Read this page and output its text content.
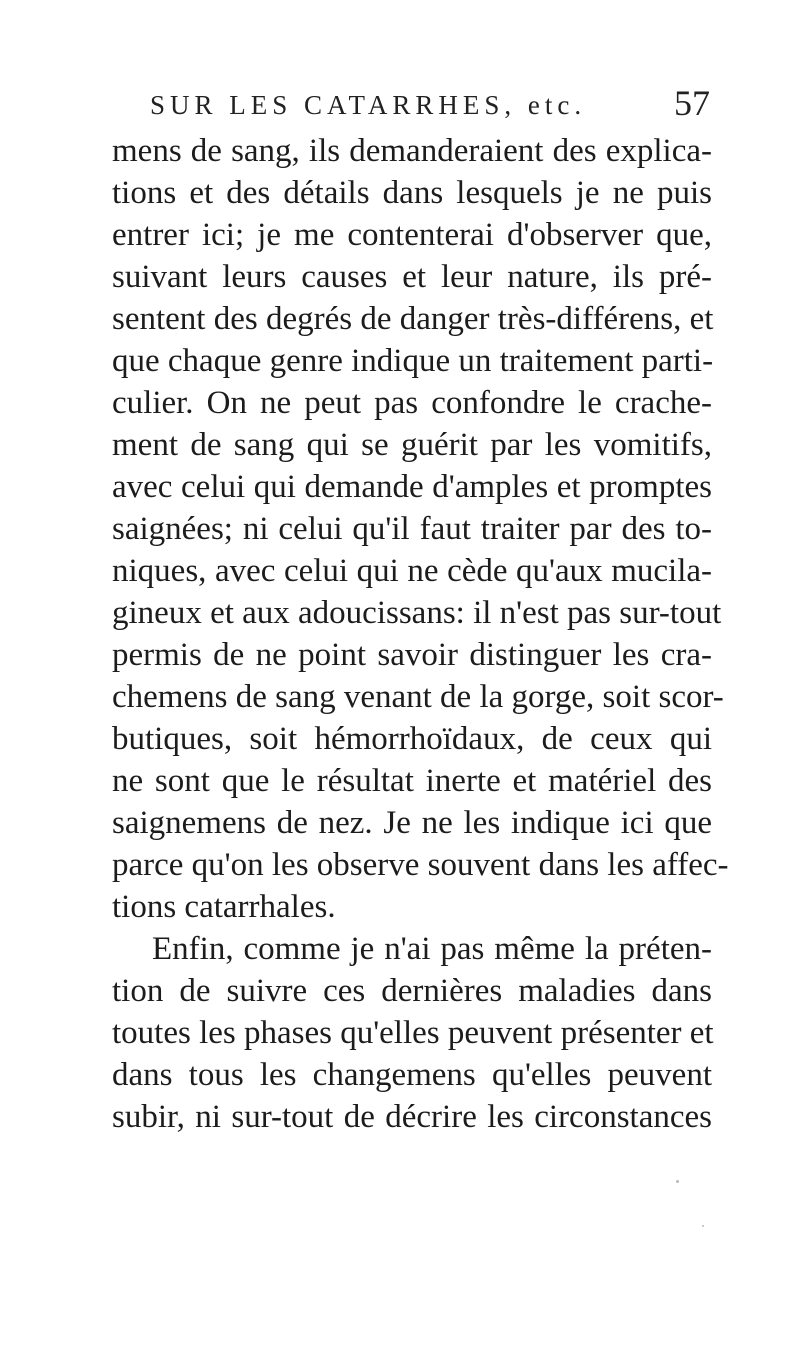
SUR LES CATARRHES, etc. 57
mens de sang, ils demanderaient des explica-
tions et des détails dans lesquels je ne puis
entrer ici; je me contenterai d'observer que,
suivant leurs causes et leur nature, ils pré-
sentent des degrés de danger très-différens, et
que chaque genre indique un traitement parti-
culier. On ne peut pas confondre le crache-
ment de sang qui se guérit par les vomitifs,
avec celui qui demande d'amples et promptes
saignées; ni celui qu'il faut traiter par des to-
niques, avec celui qui ne cède qu'aux mucila-
gineux et aux adoucissans: il n'est pas sur-tout
permis de ne point savoir distinguer les cra-
chemens de sang venant de la gorge, soit scor-
butiques, soit hémorrhoïdaux, de ceux qui
ne sont que le résultat inerte et matériel des
saignemens de nez. Je ne les indique ici que
parce qu'on les observe souvent dans les affec-
tions catarrhales.
Enfin, comme je n'ai pas même la préten-
tion de suivre ces dernières maladies dans
toutes les phases qu'elles peuvent présenter et
dans tous les changemens qu'elles peuvent
subir, ni sur-tout de décrire les circonstances
